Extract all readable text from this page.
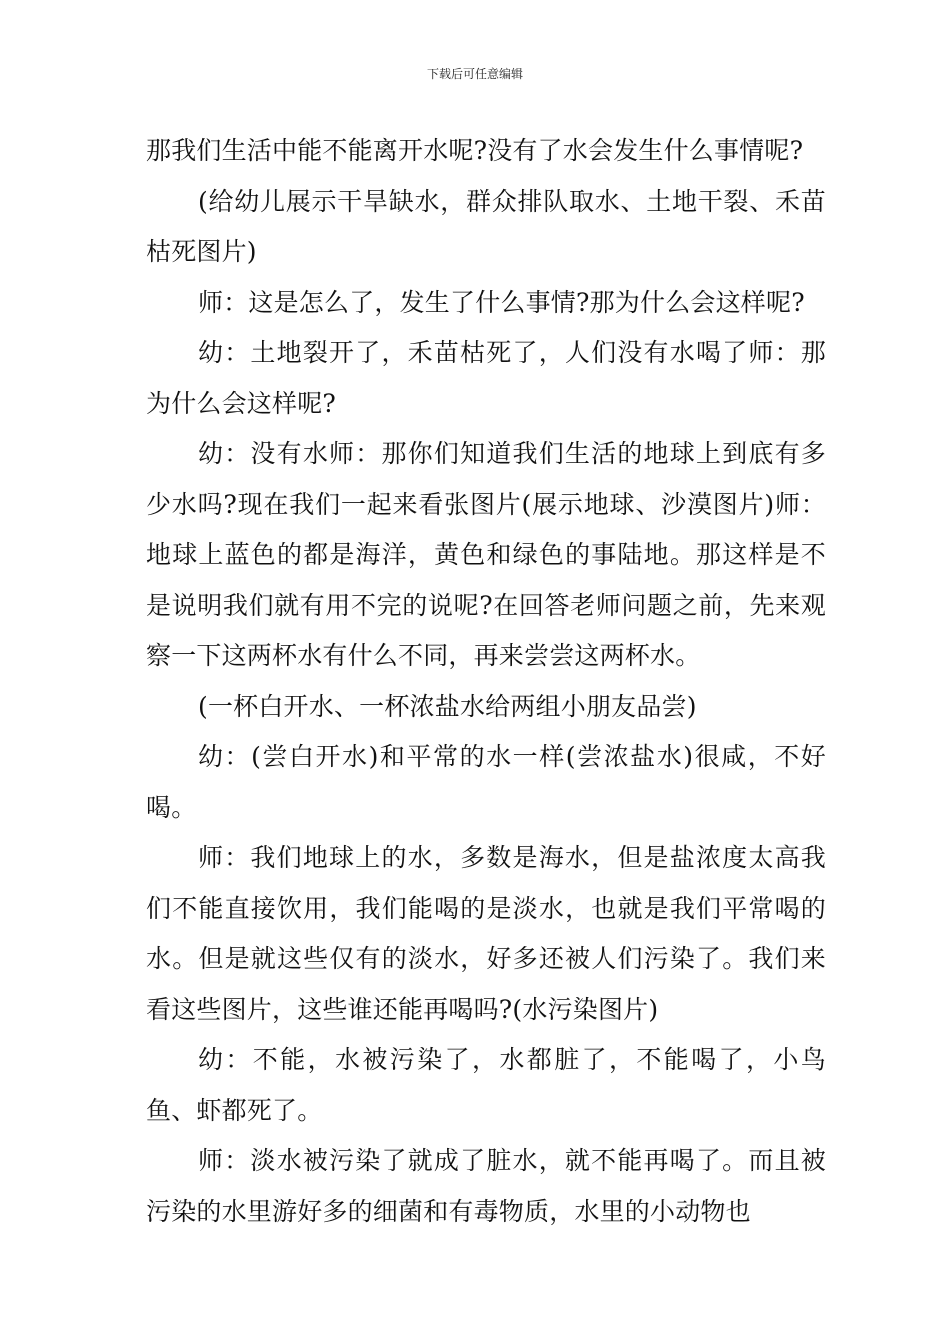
下载后可任意编辑

那我们生活中能不能离开水呢?没有了水会发生什么事情呢?

(给幼儿展示干旱缺水，群众排队取水、土地干裂、禾苗枯死图片)

师：这是怎么了，发生了什么事情?那为什么会这样呢?

幼：土地裂开了，禾苗枯死了，人们没有水喝了师：那为什么会这样呢?

幼：没有水师：那你们知道我们生活的地球上到底有多少水吗?现在我们一起来看张图片(展示地球、沙漠图片)师：地球上蓝色的都是海洋，黄色和绿色的事陆地。那这样是不是说明我们就有用不完的说呢?在回答老师问题之前，先来观察一下这两杯水有什么不同，再来尝尝这两杯水。

(一杯白开水、一杯浓盐水给两组小朋友品尝)

幼：(尝白开水)和平常的水一样(尝浓盐水)很咸，不好喝。

师：我们地球上的水，多数是海水，但是盐浓度太高我们不能直接饮用，我们能喝的是淡水，也就是我们平常喝的水。但是就这些仅有的淡水，好多还被人们污染了。我们来看这些图片，这些谁还能再喝吗?(水污染图片)

幼：不能，水被污染了，水都脏了，不能喝了，小鸟鱼、虾都死了。

师：淡水被污染了就成了脏水，就不能再喝了。而且被污染的水里游好多的细菌和有毒物质，水里的小动物也
